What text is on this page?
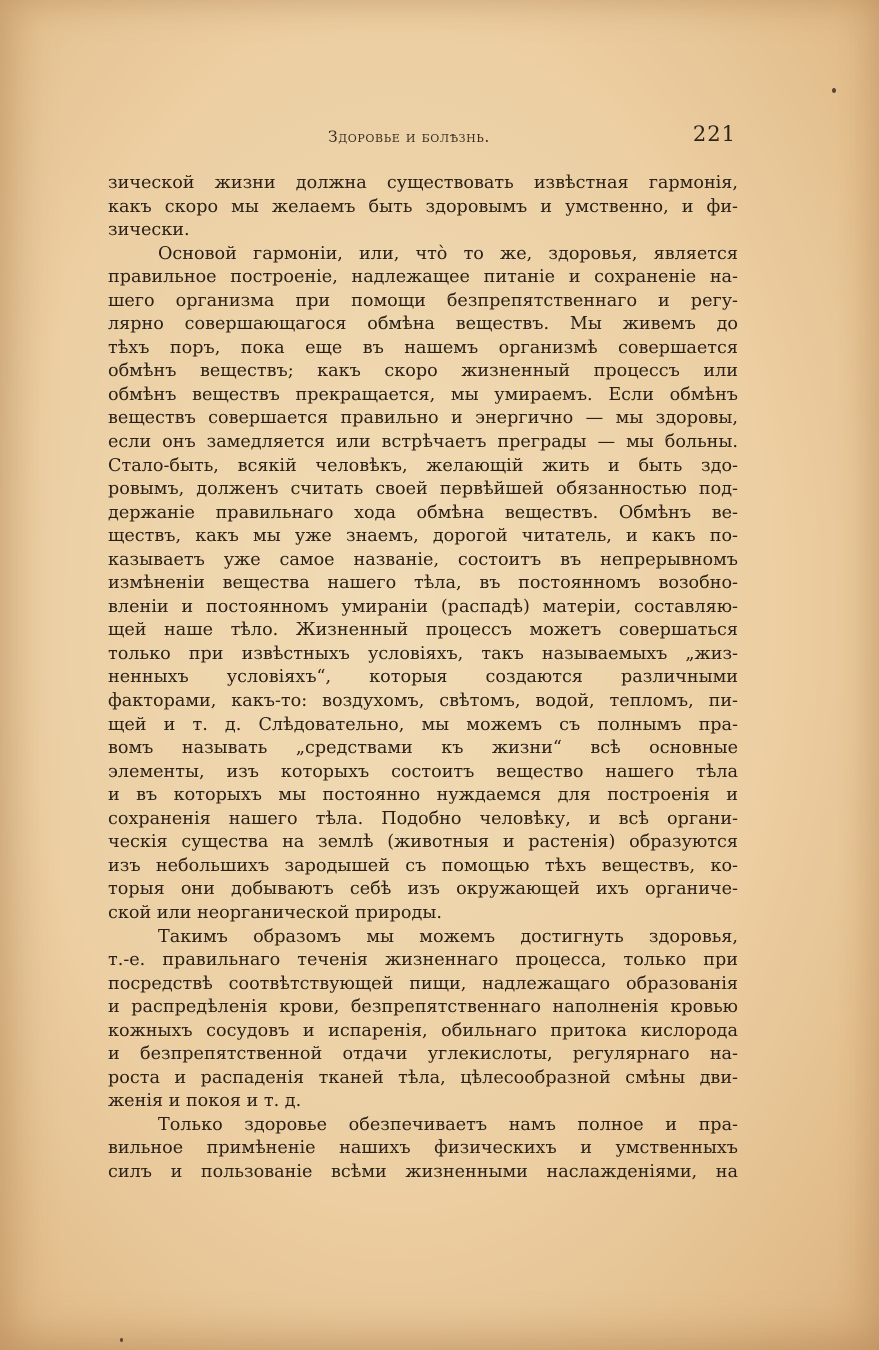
Здоровье и болѣзнь.	221
зической жизни должна существовать извѣстная гармонія,
какъ скоро мы желаемъ быть здоровымъ и умственно, и фи-
зически.
Основой гармоніи, или, что̀ то же, здоровья, является
правильное построеніе, надлежащее питаніе и сохраненіе на-
шего организма при помощи безпрепятственнаго и регу-
лярно совершающагося обмѣна веществъ. Мы живемъ до
тѣхъ поръ, пока еще въ нашемъ организмѣ совершается
обмѣнъ веществъ; какъ скоро жизненный процессъ или
обмѣнъ веществъ прекращается, мы умираемъ. Если обмѣнъ
веществъ совершается правильно и энергично — мы здоровы,
если онъ замедляется или встрѣчаетъ преграды — мы больны.
Стало-быть, всякій человѣкъ, желающій жить и быть здо-
ровымъ, долженъ считать своей первѣйшей обязанностью под-
держаніе правильнаго хода обмѣна веществъ. Обмѣнъ ве-
ществъ, какъ мы уже знаемъ, дорогой читатель, и какъ по-
казываетъ уже самое названіе, состоитъ въ непрерывномъ
измѣненіи вещества нашего тѣла, въ постоянномъ возобно-
вленіи и постоянномъ умираніи (распадѣ) матеріи, составляю-
щей наше тѣло. Жизненный процессъ можетъ совершаться
только при извѣстныхъ условіяхъ, такъ называемыхъ „жиз-
ненныхъ условіяхъ“, которыя создаются различными
факторами, какъ-то: воздухомъ, свѣтомъ, водой, тепломъ, пи-
щей и т. д. Слѣдовательно, мы можемъ съ полнымъ пра-
вомъ называть „средствами къ жизни“ всѣ основные
элементы, изъ которыхъ состоитъ вещество нашего тѣла
и въ которыхъ мы постоянно нуждаемся для построенія и
сохраненія нашего тѣла. Подобно человѣку, и всѣ органи-
ческія существа на землѣ (животныя и растенія) образуются
изъ небольшихъ зародышей съ помощью тѣхъ веществъ, ко-
торыя они добываютъ себѣ изъ окружающей ихъ органиче-
ской или неорганической природы.
Такимъ образомъ мы можемъ достигнуть здоровья,
т.-е. правильнаго теченія жизненнаго процесса, только при
посредствѣ соотвѣтствующей пищи, надлежащаго образованія
и распредѣленія крови, безпрепятственнаго наполненія кровью
кожныхъ сосудовъ и испаренія, обильнаго притока кислорода
и безпрепятственной отдачи углекислоты, регулярнаго на-
роста и распаденія тканей тѣла, цѣлесообразной смѣны дви-
женія и покоя и т. д.
Только здоровье обезпечиваетъ намъ полное и пра-
вильное примѣненіе нашихъ физическихъ и умственныхъ
силъ и пользованіе всѣми жизненными наслажденіями, на
